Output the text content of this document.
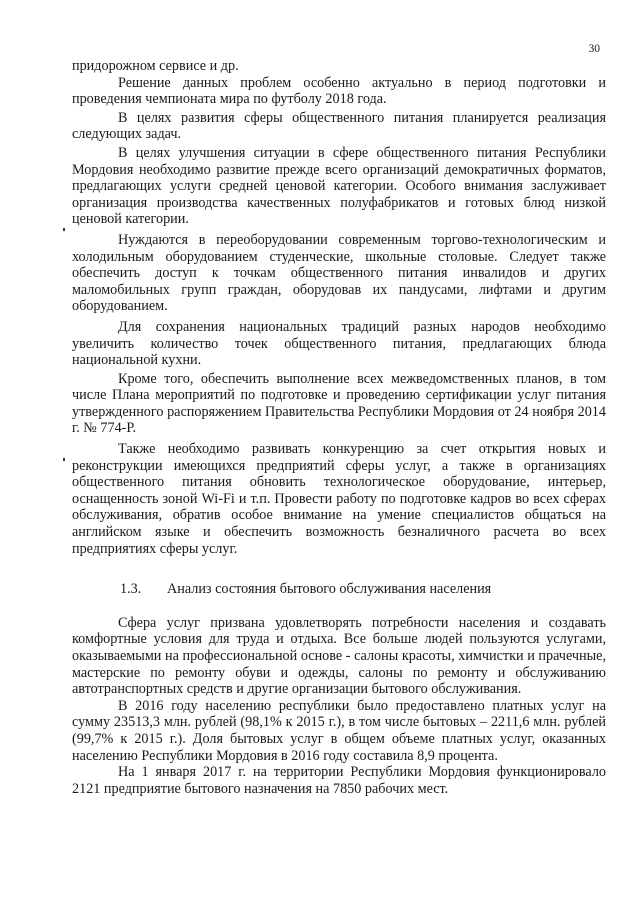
30

придорожном сервисе и др.

Решение данных проблем особенно актуально в период подготовки и проведения чемпионата мира по футболу 2018 года.

В целях развития сферы общественного питания планируется реализация следующих задач.

В целях улучшения ситуации в сфере общественного питания Республики Мордовия необходимо развитие прежде всего организаций демократичных форматов, предлагающих услуги средней ценовой категории. Особого внимания заслуживает организация производства качественных полуфабрикатов и готовых блюд низкой ценовой категории.

Нуждаются в переоборудовании современным торгово-технологическим и холодильным оборудованием студенческие, школьные столовые. Следует также обеспечить доступ к точкам общественного питания инвалидов и других маломобильных групп граждан, оборудовав их пандусами, лифтами и другим оборудованием.

Для сохранения национальных традиций разных народов необходимо увеличить количество точек общественного питания, предлагающих блюда национальной кухни.

Кроме того, обеспечить выполнение всех межведомственных планов, в том числе Плана мероприятий по подготовке и проведению сертификации услуг питания утвержденного распоряжением Правительства Республики Мордовия от 24 ноября 2014 г. № 774-Р.

Также необходимо развивать конкуренцию за счет открытия новых и реконструкции имеющихся предприятий сферы услуг, а также в организациях общественного питания обновить технологическое оборудование, интерьер, оснащенность зоной Wi-Fi и т.п. Провести работу по подготовке кадров во всех сферах обслуживания, обратив особое внимание на умение специалистов общаться на английском языке и обеспечить возможность безналичного расчета во всех предприятиях сферы услуг.

1.3.	Анализ состояния бытового обслуживания населения

Сфера услуг призвана удовлетворять потребности населения и создавать комфортные условия для труда и отдыха. Все больше людей пользуются услугами, оказываемыми на профессиональной основе - салоны красоты, химчистки и прачечные, мастерские по ремонту обуви и одежды, салоны по ремонту и обслуживанию автотранспортных средств и другие организации бытового обслуживания.

В 2016 году населению республики было предоставлено платных услуг на сумму 23513,3 млн. рублей (98,1% к 2015 г.), в том числе бытовых – 2211,6 млн. рублей (99,7% к 2015 г.). Доля бытовых услуг в общем объеме платных услуг, оказанных населению Республики Мордовия в 2016 году составила 8,9 процента.

На 1 января 2017 г. на территории Республики Мордовия функционировало 2121 предприятие бытового назначения на 7850 рабочих мест.
